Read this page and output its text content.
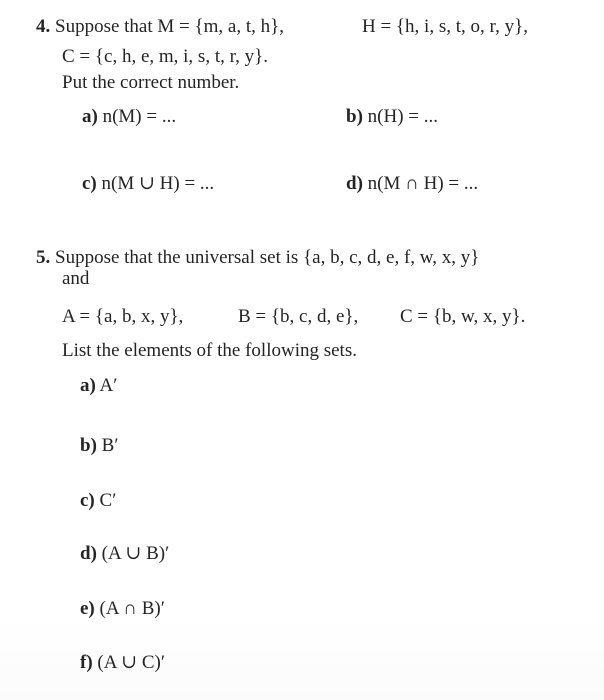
4. Suppose that M = {m, a, t, h},	H = {h, i, s, t, o, r, y},
C = {c, h, e, m, i, s, t, r, y}.
Put the correct number.
a) n(M) = ...	b) n(H) = ...
c) n(M ∪ H) = ...	d) n(M ∩ H) = ...
5. Suppose that the universal set is {a, b, c, d, e, f, w, x, y}
and
A = {a, b, x, y},	B = {b, c, d, e}, C = {b, w, x, y}.
List the elements of the following sets.
a) A′
b) B′
c) C′
d) (A ∪ B)′
e) (A ∩ B)′
f) (A ∪ C)′
